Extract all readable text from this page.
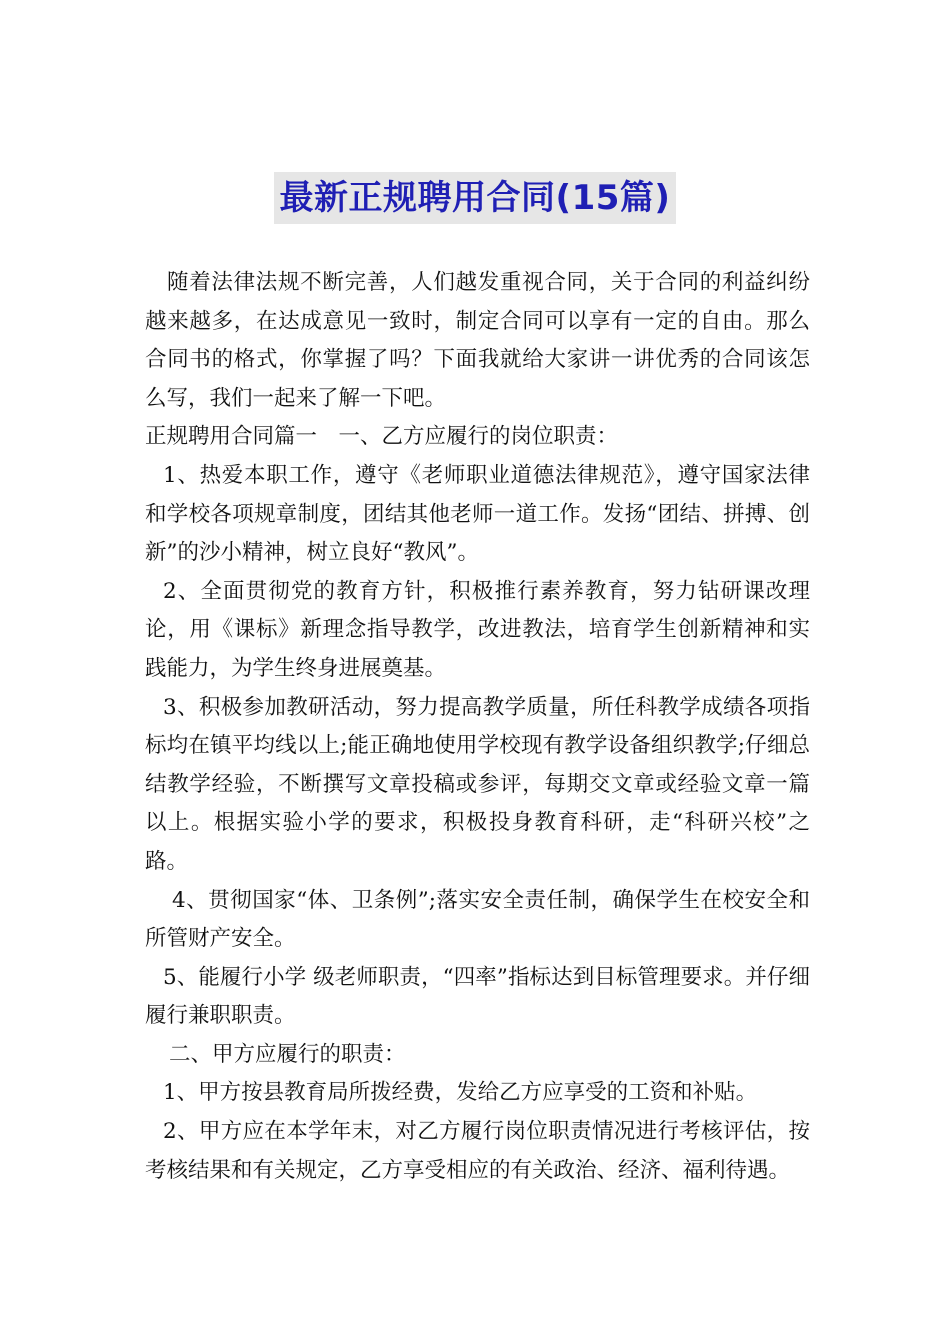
最新正规聘用合同(15篇)

随着法律法规不断完善，人们越发重视合同，关于合同的利益纠纷越来越多，在达成意见一致时，制定合同可以享有一定的自由。那么合同书的格式，你掌握了吗？下面我就给大家讲一讲优秀的合同该怎么写，我们一起来了解一下吧。

正规聘用合同篇一　一、乙方应履行的岗位职责：

1、热爱本职工作，遵守《老师职业道德法律规范》，遵守国家法律和学校各项规章制度，团结其他老师一道工作。发扬“团结、拼搏、创新”的沙小精神，树立良好“教风”。

2、全面贯彻党的教育方针，积极推行素养教育，努力钻研课改理论，用《课标》新理念指导教学，改进教法，培育学生创新精神和实践能力，为学生终身进展奠基。

3、积极参加教研活动，努力提高教学质量，所任科教学成绩各项指标均在镇平均线以上;能正确地使用学校现有教学设备组织教学;仔细总结教学经验，不断撰写文章投稿或参评，每期交文章或经验文章一篇以上。根据实验小学的要求，积极投身教育科研，走“科研兴校”之路。

4、贯彻国家“体、卫条例”;落实安全责任制，确保学生在校安全和所管财产安全。

5、能履行小学 级老师职责，“四率”指标达到目标管理要求。并仔细履行兼职职责。

二、甲方应履行的职责：

1、甲方按县教育局所拨经费，发给乙方应享受的工资和补贴。

2、甲方应在本学年末，对乙方履行岗位职责情况进行考核评估，按考核结果和有关规定，乙方享受相应的有关政治、经济、福利待遇。
